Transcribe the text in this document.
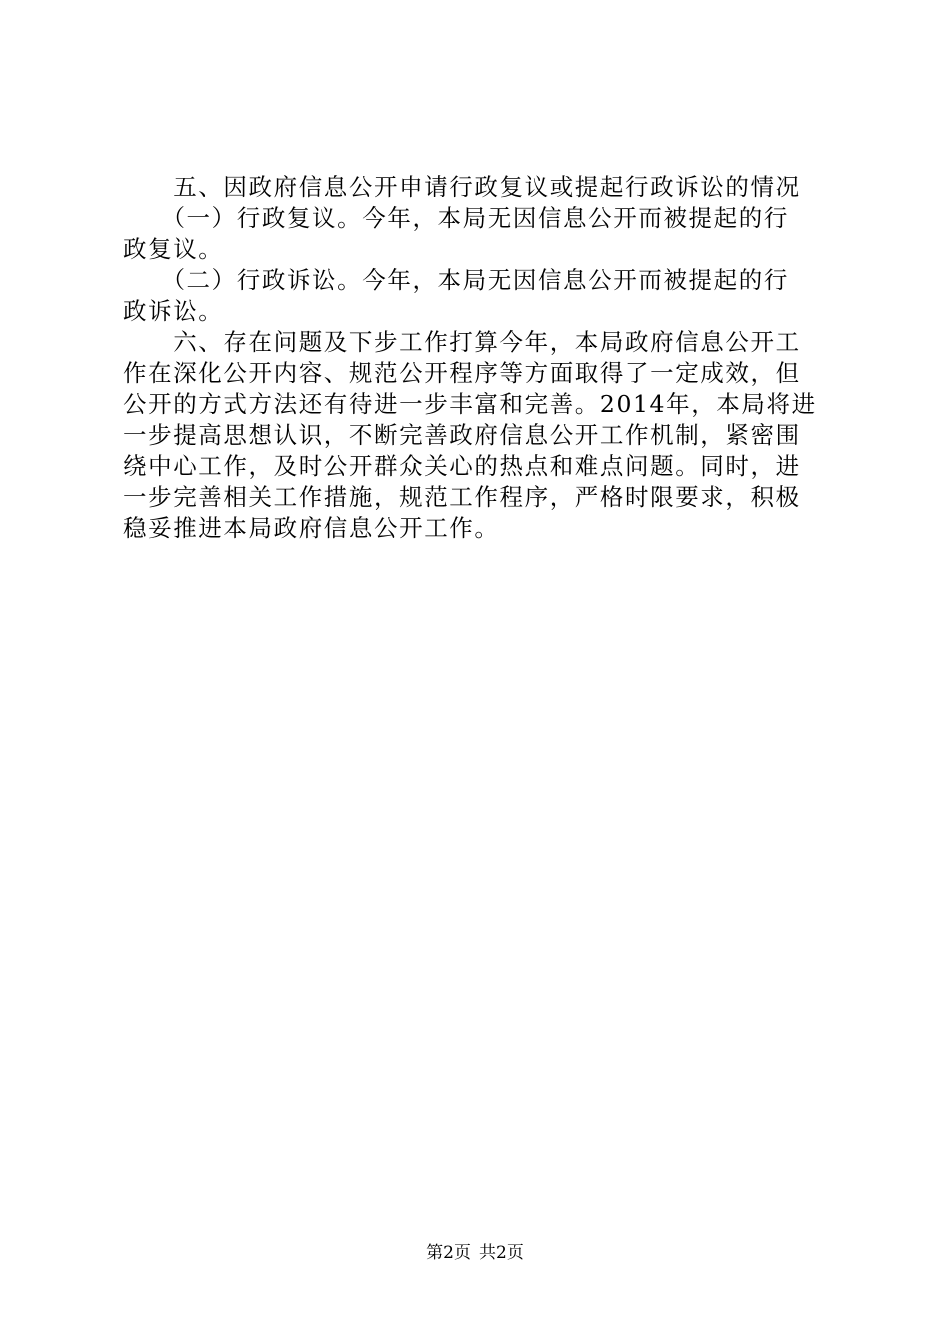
　　五、因政府信息公开申请行政复议或提起行政诉讼的情况
　　（一）行政复议。今年，本局无因信息公开而被提起的行
政复议。
　　（二）行政诉讼。今年，本局无因信息公开而被提起的行
政诉讼。
　　六、存在问题及下步工作打算今年，本局政府信息公开工
作在深化公开内容、规范公开程序等方面取得了一定成效，但
公开的方式方法还有待进一步丰富和完善。2014年，本局将进
一步提高思想认识，不断完善政府信息公开工作机制，紧密围
绕中心工作，及时公开群众关心的热点和难点问题。同时，进
一步完善相关工作措施，规范工作程序，严格时限要求，积极
稳妥推进本局政府信息公开工作。
第2页 共2页
